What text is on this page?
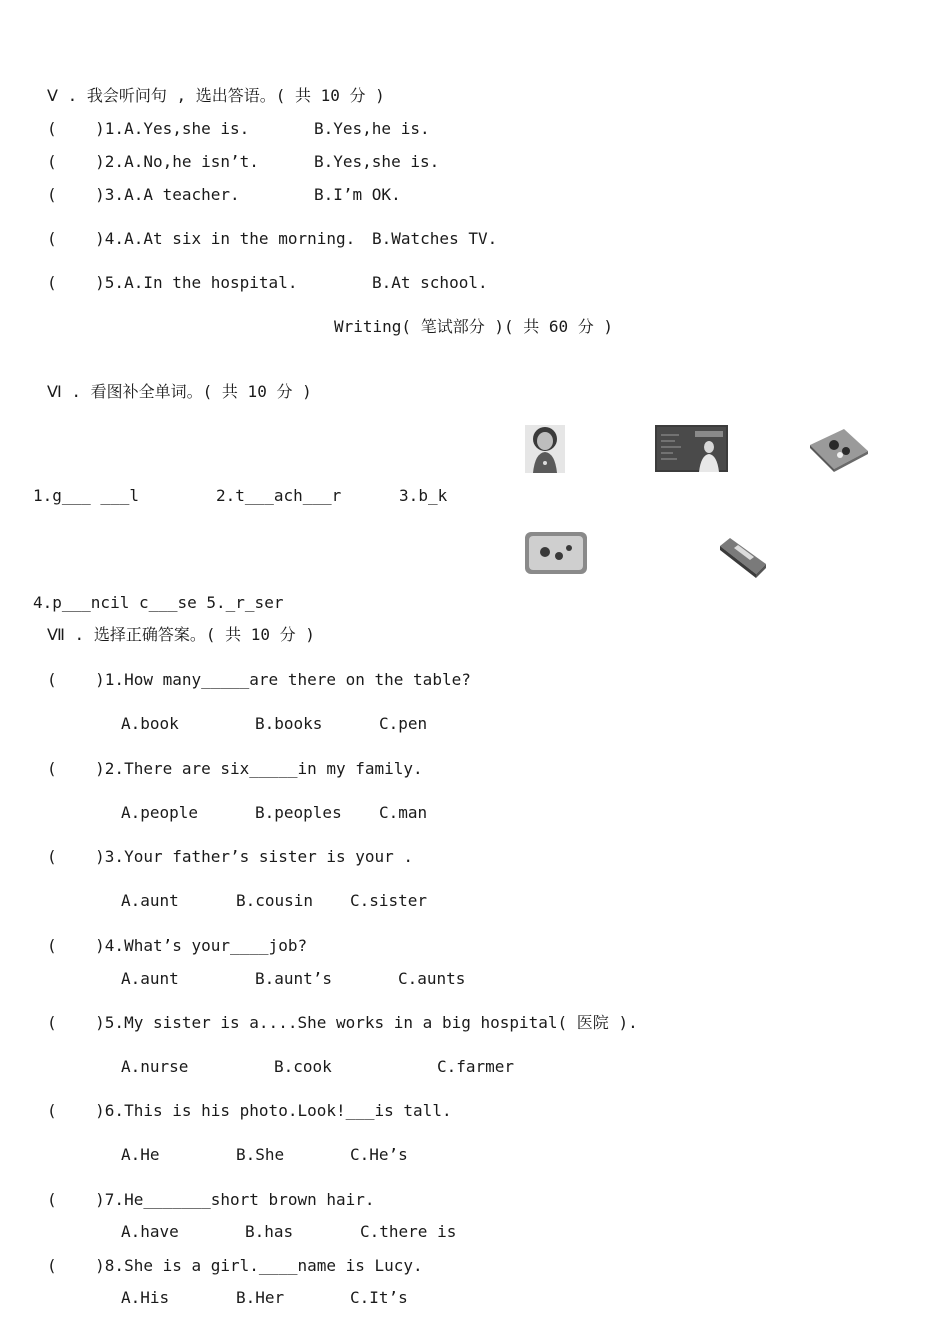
Ⅴ . 我会听问句 , 选出答语。( 共 10 分 )
(    )1.A.Yes,she is.	B.Yes,he is.
(    )2.A.No,he isn’t.	B.Yes,she is.
(    )3.A.A teacher.	B.I’m OK.
(    )4.A.At six in the morning. B.Watches TV.
(    )5.A.In the hospital.	B.At school.
Writing( 笔试部分 )( 共 60 分 )
Ⅵ . 看图补全单词。( 共 10 分 )
1.g___ ___l        2.t___ach___r      3.b_k
4.p___ncil c___se 5._r_ser
Ⅶ . 选择正确答案。( 共 10 分 )
(    )1.How many_____are there on the table?
A.book	B.books	C.pen
(    )2.There are six_____in my family.
A.people	B.peoples C.man
(    )3.Your father’s sister is your .
A.aunt	B.cousin C.sister
(    )4.What’s your____job?
A.aunt	B.aunt’s	C.aunts
(    )5.My sister is a....She works in a big hospital( 医院 ).
A.nurse	B.cook	C.farmer
(    )6.This is his photo.Look!___is tall.
A.He	B.She	C.He’s
(    )7.He_______short brown hair.
A.have	B.has	C.there is
(    )8.She is a girl.____name is Lucy.
A.His	B.Her	C.It’s
